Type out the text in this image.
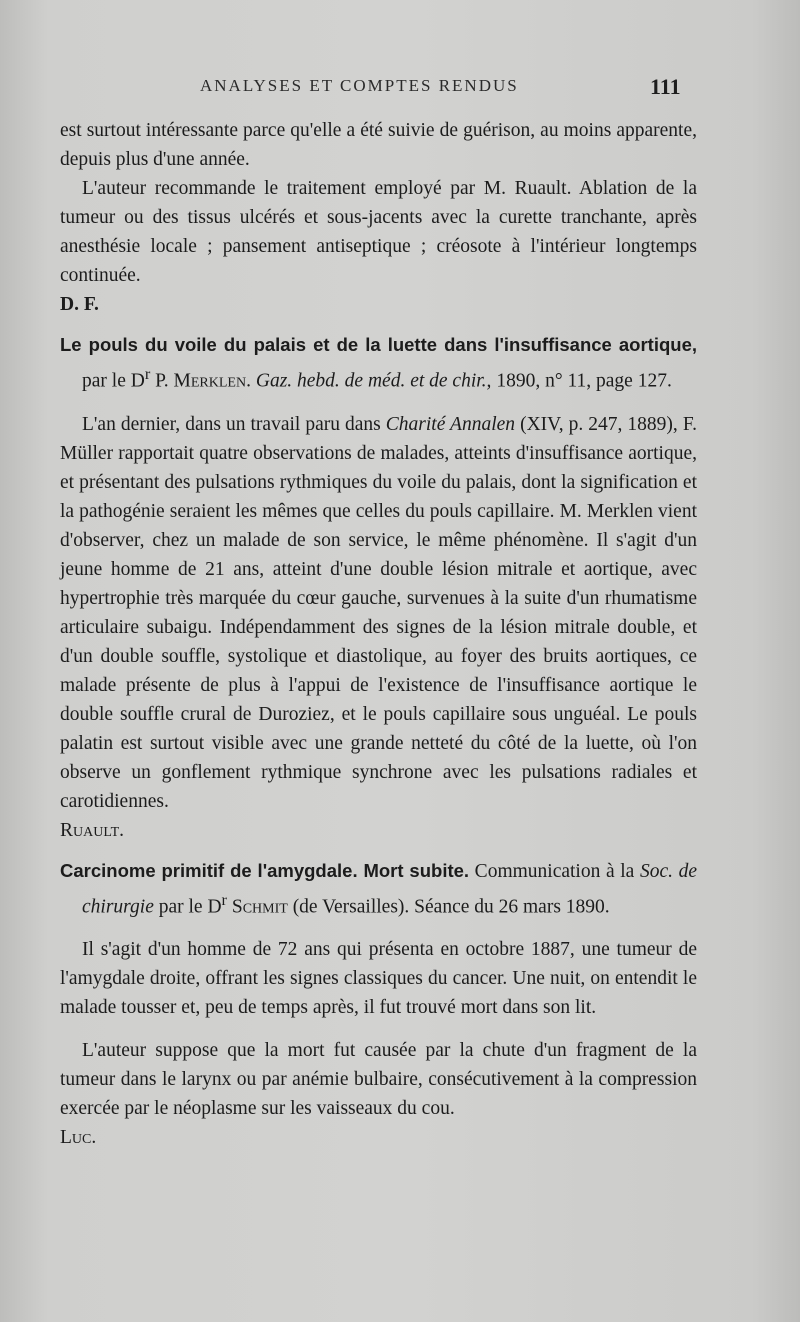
ANALYSES ET COMPTES RENDUS	111

est surtout intéressante parce qu'elle a été suivie de guérison, au moins apparente, depuis plus d'une année.

L'auteur recommande le traitement employé par M. Ruault. Ablation de la tumeur ou des tissus ulcérés et sous-jacents avec la curette tranchante, après anesthésie locale ; pansement antiseptique ; créosote à l'intérieur longtemps continuée.

D. F.

Le pouls du voile du palais et de la luette dans l'insuffisance aortique, par le $D^r$ P. Merklen. Gaz. hebd. de méd. et de chir., 1890, n° 11, page 127.

L'an dernier, dans un travail paru dans Charité Annalen (XIV, p. 247, 1889), F. Müller rapportait quatre observations de malades, atteints d'insuffisance aortique, et présentant des pulsations rythmiques du voile du palais, dont la signification et la pathogénie seraient les mêmes que celles du pouls capillaire. M. Merklen vient d'observer, chez un malade de son service, le même phénomène. Il s'agit d'un jeune homme de 21 ans, atteint d'une double lésion mitrale et aortique, avec hypertrophie très marquée du cœur gauche, survenues à la suite d'un rhumatisme articulaire subaigu. Indépendamment des signes de la lésion mitrale double, et d'un double souffle, systolique et diastolique, au foyer des bruits aortiques, ce malade présente de plus à l'appui de l'existence de l'insuffisance aortique le double souffle crural de Duroziez, et le pouls capillaire sous unguéal. Le pouls palatin est surtout visible avec une grande netteté du côté de la luette, où l'on observe un gonflement rythmique synchrone avec les pulsations radiales et carotidiennes.

Ruault.

Carcinome primitif de l'amygdale. Mort subite. Communication à la Soc. de chirurgie par le $D^r$ Schmit (de Versailles). Séance du 26 mars 1890.

Il s'agit d'un homme de 72 ans qui présenta en octobre 1887, une tumeur de l'amygdale droite, offrant les signes classiques du cancer. Une nuit, on entendit le malade tousser et, peu de temps après, il fut trouvé mort dans son lit.

L'auteur suppose que la mort fut causée par la chute d'un fragment de la tumeur dans le larynx ou par anémie bulbaire, consécutivement à la compression exercée par le néoplasme sur les vaisseaux du cou.

Luc.
